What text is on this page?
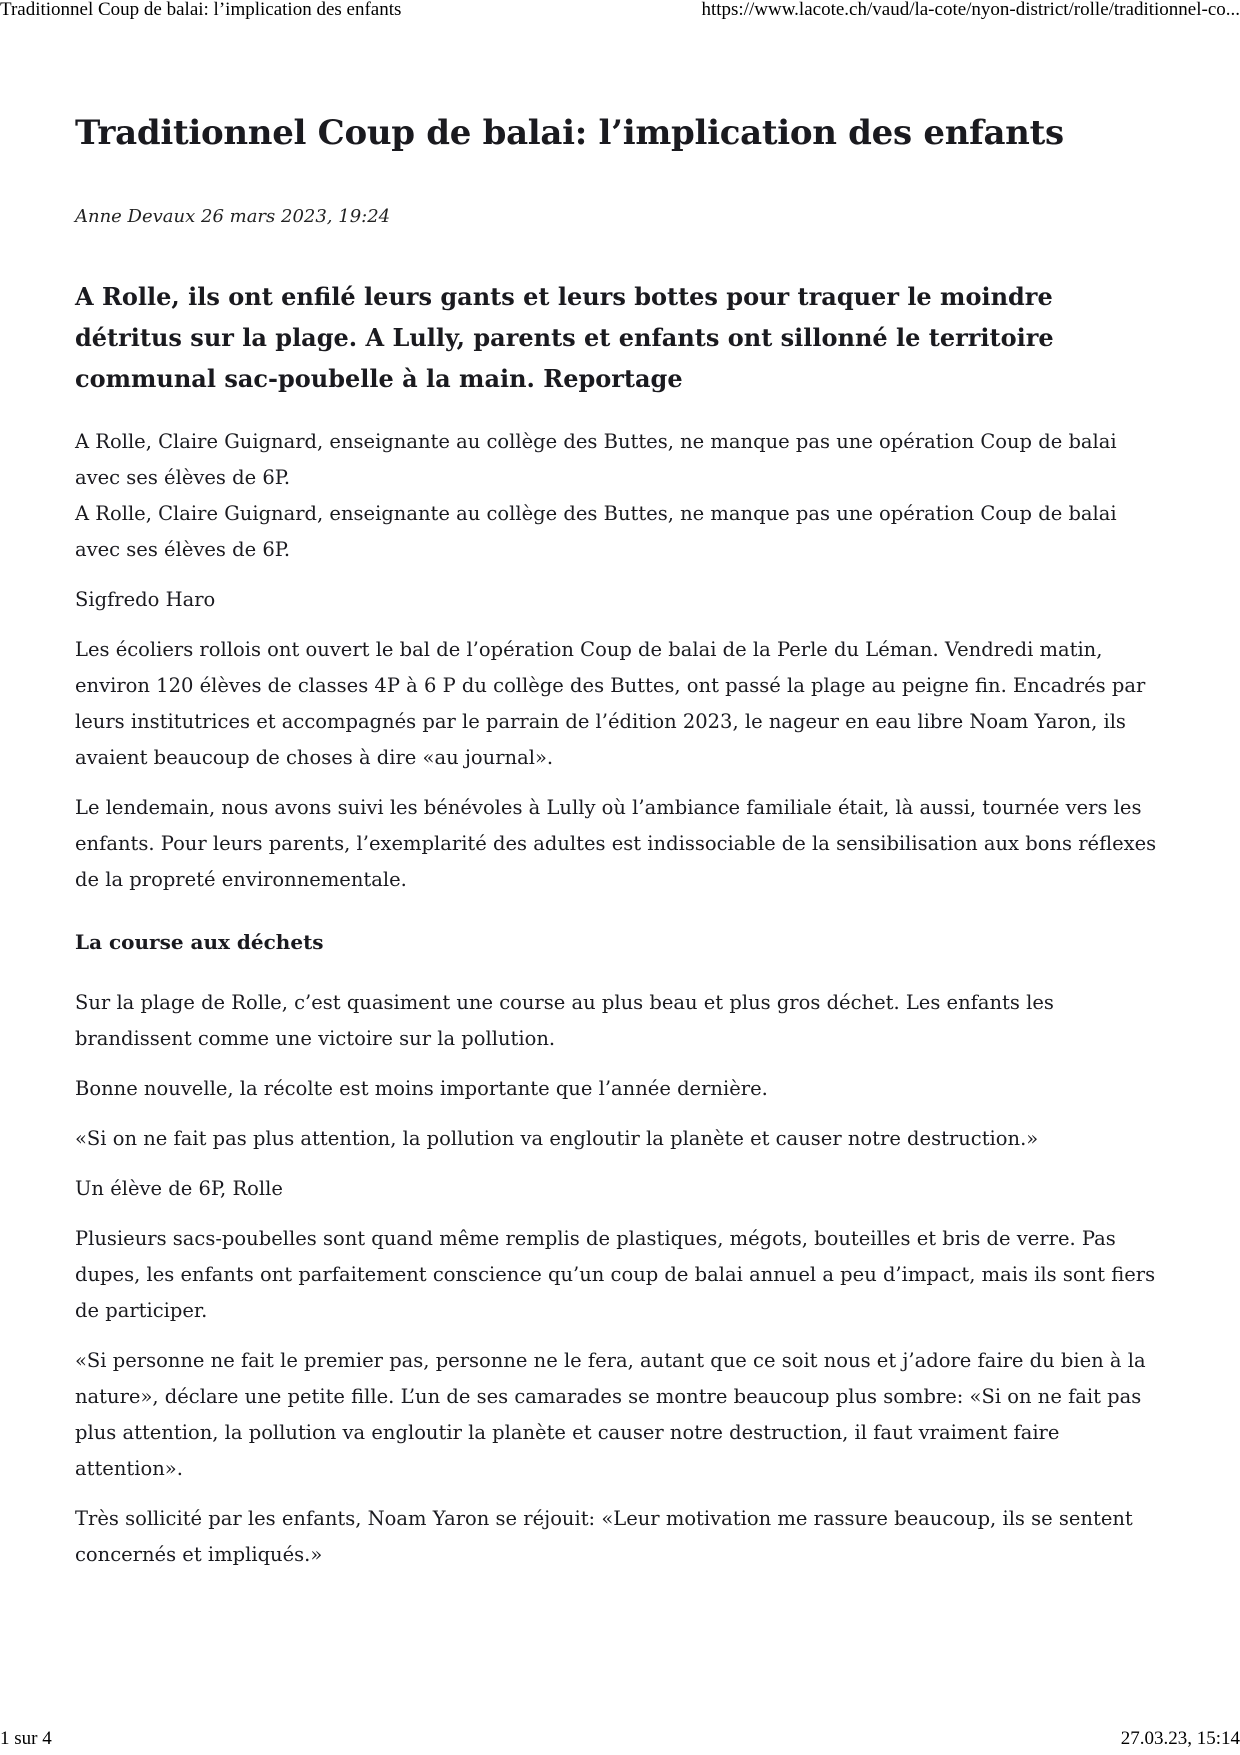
Traditionnel Coup de balai: l’implication des enfants	https://www.lacote.ch/vaud/la-cote/nyon-district/rolle/traditionnel-co...
Traditionnel Coup de balai: l’implication des enfants

Anne Devaux 26 mars 2023, 19:24

A Rolle, ils ont enfilé leurs gants et leurs bottes pour traquer le moindre détritus sur la plage. A Lully, parents et enfants ont sillonné le territoire communal sac-poubelle à la main. Reportage

A Rolle, Claire Guignard, enseignante au collège des Buttes, ne manque pas une opération Coup de balai avec ses élèves de 6P.

A Rolle, Claire Guignard, enseignante au collège des Buttes, ne manque pas une opération Coup de balai avec ses élèves de 6P.

Sigfredo Haro

Les écoliers rollois ont ouvert le bal de l’opération Coup de balai de la Perle du Léman. Vendredi matin, environ 120 élèves de classes 4P à 6 P du collège des Buttes, ont passé la plage au peigne fin. Encadrés par leurs institutrices et accompagnés par le parrain de l’édition 2023, le nageur en eau libre Noam Yaron, ils avaient beaucoup de choses à dire «au journal».

Le lendemain, nous avons suivi les bénévoles à Lully où l’ambiance familiale était, là aussi, tournée vers les enfants. Pour leurs parents, l’exemplarité des adultes est indissociable de la sensibilisation aux bons réflexes de la propreté environnementale.

La course aux déchets

Sur la plage de Rolle, c’est quasiment une course au plus beau et plus gros déchet. Les enfants les brandissent comme une victoire sur la pollution.

Bonne nouvelle, la récolte est moins importante que l’année dernière.

«Si on ne fait pas plus attention, la pollution va engloutir la planète et causer notre destruction.»

Un élève de 6P, Rolle

Plusieurs sacs-poubelles sont quand même remplis de plastiques, mégots, bouteilles et bris de verre. Pas dupes, les enfants ont parfaitement conscience qu’un coup de balai annuel a peu d’impact, mais ils sont fiers de participer.

«Si personne ne fait le premier pas, personne ne le fera, autant que ce soit nous et j’adore faire du bien à la nature», déclare une petite fille. L’un de ses camarades se montre beaucoup plus sombre: «Si on ne fait pas plus attention, la pollution va engloutir la planète et causer notre destruction, il faut vraiment faire attention».

Très sollicité par les enfants, Noam Yaron se réjouit: «Leur motivation me rassure beaucoup, ils se sentent concernés et impliqués.»

1 sur 4	27.03.23, 15:14
